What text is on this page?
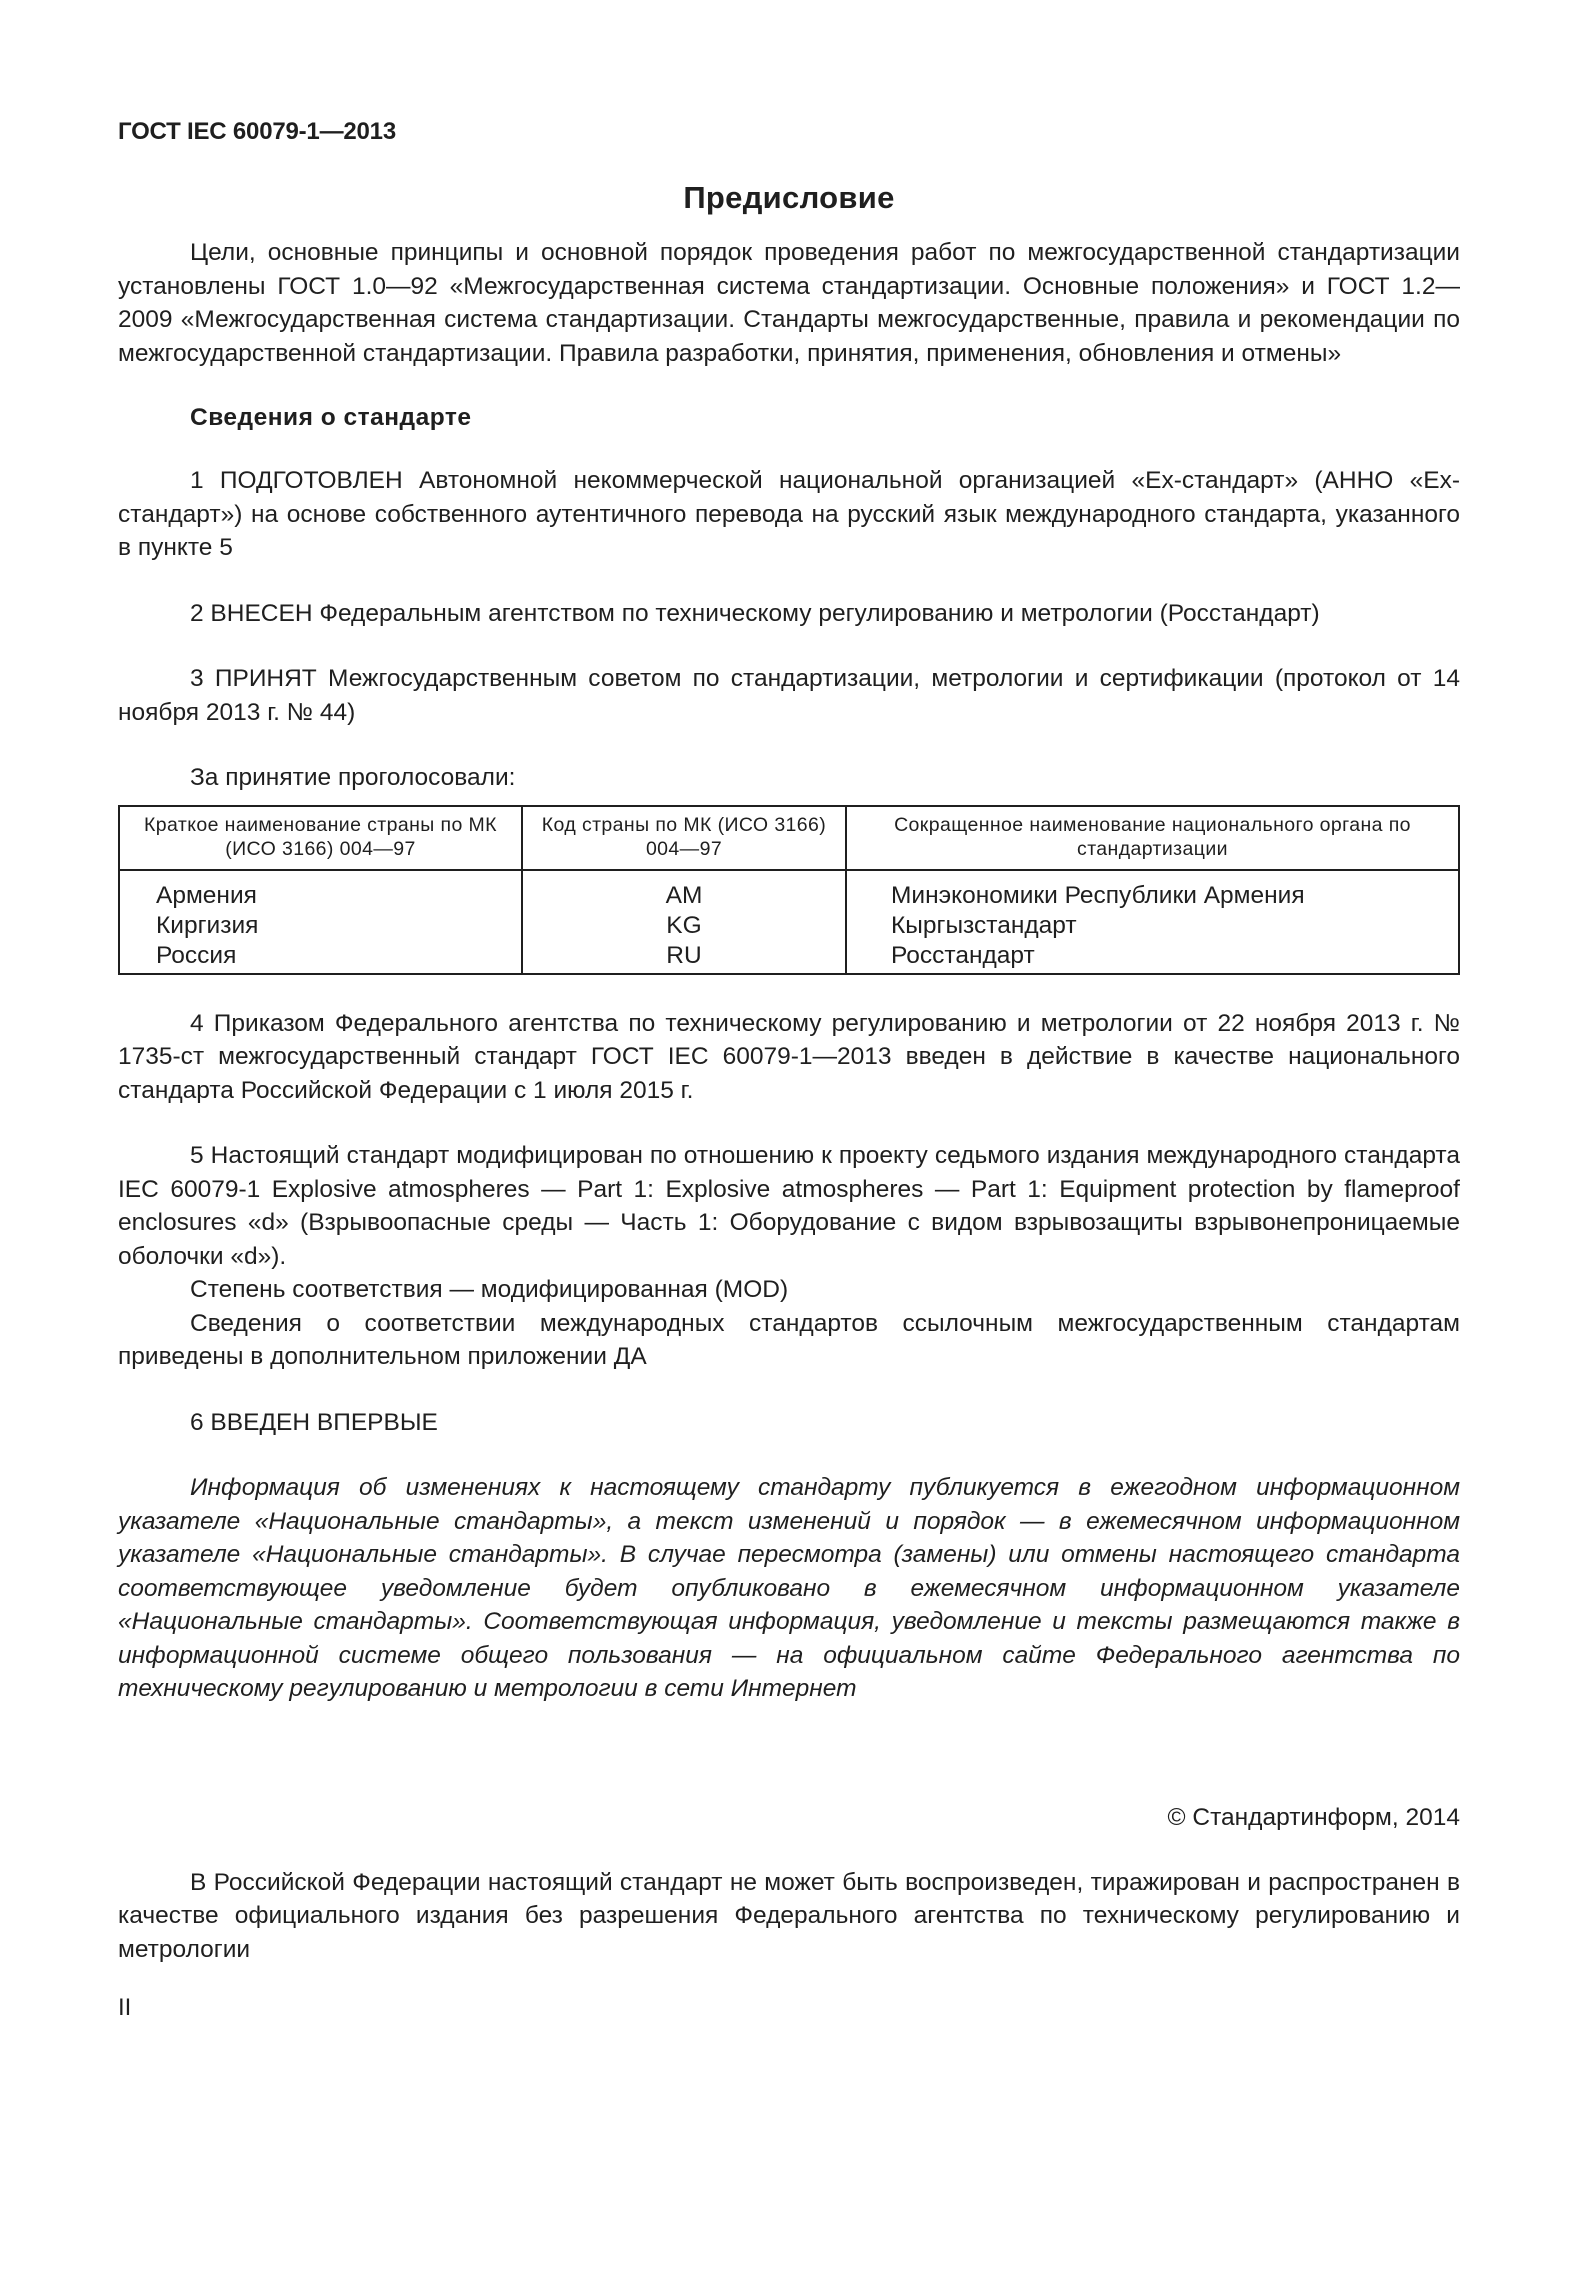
ГОСТ IEC 60079-1—2013

Предисловие

Цели, основные принципы и основной порядок проведения работ по межгосударственной стандартизации установлены ГОСТ 1.0—92 «Межгосударственная система стандартизации. Основные положения» и ГОСТ 1.2—2009 «Межгосударственная система стандартизации. Стандарты межгосударственные, правила и рекомендации по межгосударственной стандартизации. Правила разработки, принятия, применения, обновления и отмены»

Сведения о стандарте

1 ПОДГОТОВЛЕН Автономной некоммерческой национальной организацией «Ех-стандарт» (АННО «Ех-стандарт») на основе собственного аутентичного перевода на русский язык международного стандарта, указанного в пункте 5

2 ВНЕСЕН Федеральным агентством по техническому регулированию и метрологии (Росстандарт)

3 ПРИНЯТ Межгосударственным советом по стандартизации, метрологии и сертификации (протокол от 14 ноября 2013 г. № 44)

За принятие проголосовали:

Краткое наименование страны по МК (ИСО 3166) 004—97	Код страны по МК (ИСО 3166) 004—97	Сокращенное наименование национального органа по стандартизации
Армения	AM	Минэкономики Республики Армения
Киргизия	KG	Кыргызстандарт
Россия	RU	Росстандарт

4 Приказом Федерального агентства по техническому регулированию и метрологии от 22 ноября 2013 г. № 1735-ст межгосударственный стандарт ГОСТ IEC 60079-1—2013 введен в действие в качестве национального стандарта Российской Федерации с 1 июля 2015 г.

5 Настоящий стандарт модифицирован по отношению к проекту седьмого издания международного стандарта IEC 60079-1 Explosive atmospheres — Part 1: Explosive atmospheres — Part 1: Equipment protection by flameproof enclosures «d» (Взрывоопасные среды — Часть 1: Оборудование с видом взрывозащиты взрывонепроницаемые оболочки «d»).

Степень соответствия — модифицированная (MOD)

Сведения о соответствии международных стандартов ссылочным межгосударственным стандартам приведены в дополнительном приложении ДА

6 ВВЕДЕН ВПЕРВЫЕ

Информация об изменениях к настоящему стандарту публикуется в ежегодном информационном указателе «Национальные стандарты», а текст изменений и порядок — в ежемесячном информационном указателе «Национальные стандарты». В случае пересмотра (замены) или отмены настоящего стандарта соответствующее уведомление будет опубликовано в ежемесячном информационном указателе «Национальные стандарты». Соответствующая информация, уведомление и тексты размещаются также в информационной системе общего пользования — на официальном сайте Федерального агентства по техническому регулированию и метрологии в сети Интернет

© Стандартинформ, 2014

В Российской Федерации настоящий стандарт не может быть воспроизведен, тиражирован и распространен в качестве официального издания без разрешения Федерального агентства по техническому регулированию и метрологии

II
